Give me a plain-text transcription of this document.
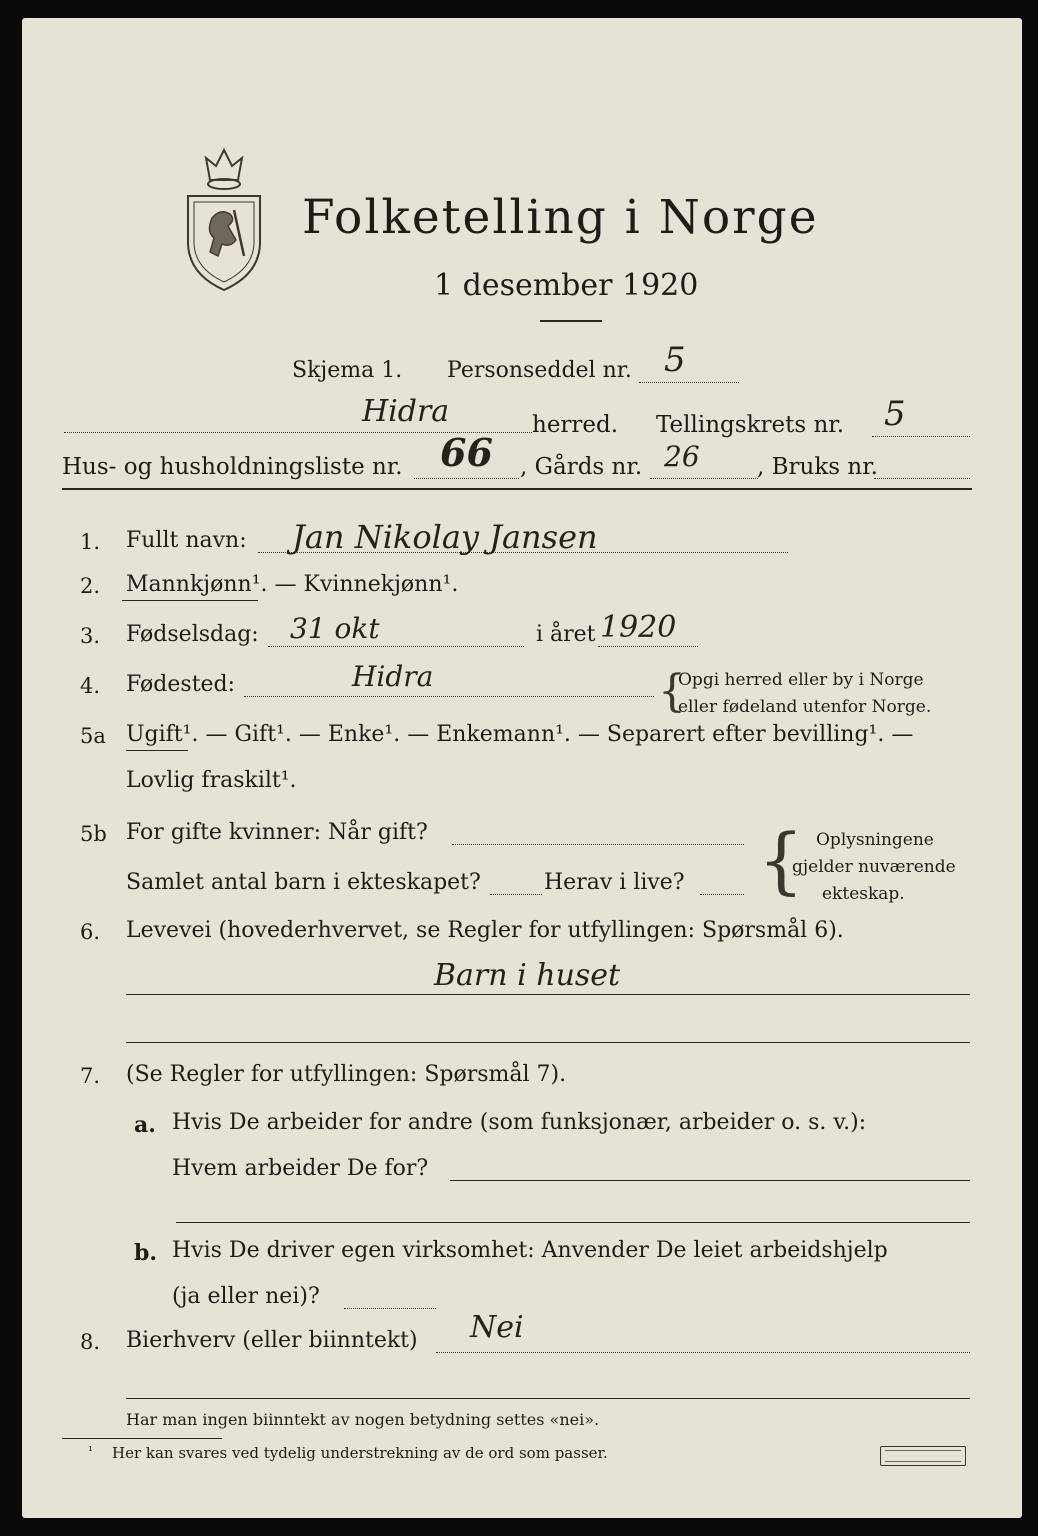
Folketelling i Norge
1 desember 1920
Skjema 1. Personseddel nr. 5
Hidra	herred. Tellingskrets nr. 5
Hus- og husholdningsliste nr. 66 , Gårds nr. 26 , Bruks nr.
1. Fullt navn: Jan Nikolay Jansen
2. Mannkjønn¹. — Kvinnekjønn¹.
3. Fødselsdag: 31 okt	i året 1920
4. Fødested:	Hidra	{
Opgi herred eller by i Norge
eller fødeland utenfor Norge.
5a Ugift¹. — Gift¹. — Enke¹. — Enkemann¹. — Separert efter bevilling¹. —
Lovlig fraskilt¹.
5b For gifte kvinner: Når gift?
Samlet antal barn i ekteskapet?	Herav i live? { Oplysningene
gjelder nuværende
ekteskap.
6. Levevei (hovederhvervet, se Regler for utfyllingen: Spørsmål 6).
Barn i huset
7. (Se Regler for utfyllingen: Spørsmål 7).
a. Hvis De arbeider for andre (som funksjonær, arbeider o. s. v.):
Hvem arbeider De for?
b. Hvis De driver egen virksomhet: Anvender De leiet arbeidshjelp
(ja eller nei)?
8. Bierhverv (eller biinntekt) Nei
Har man ingen biinntekt av nogen betydning settes «nei».
¹ Her kan svares ved tydelig understrekning av de ord som passer.
